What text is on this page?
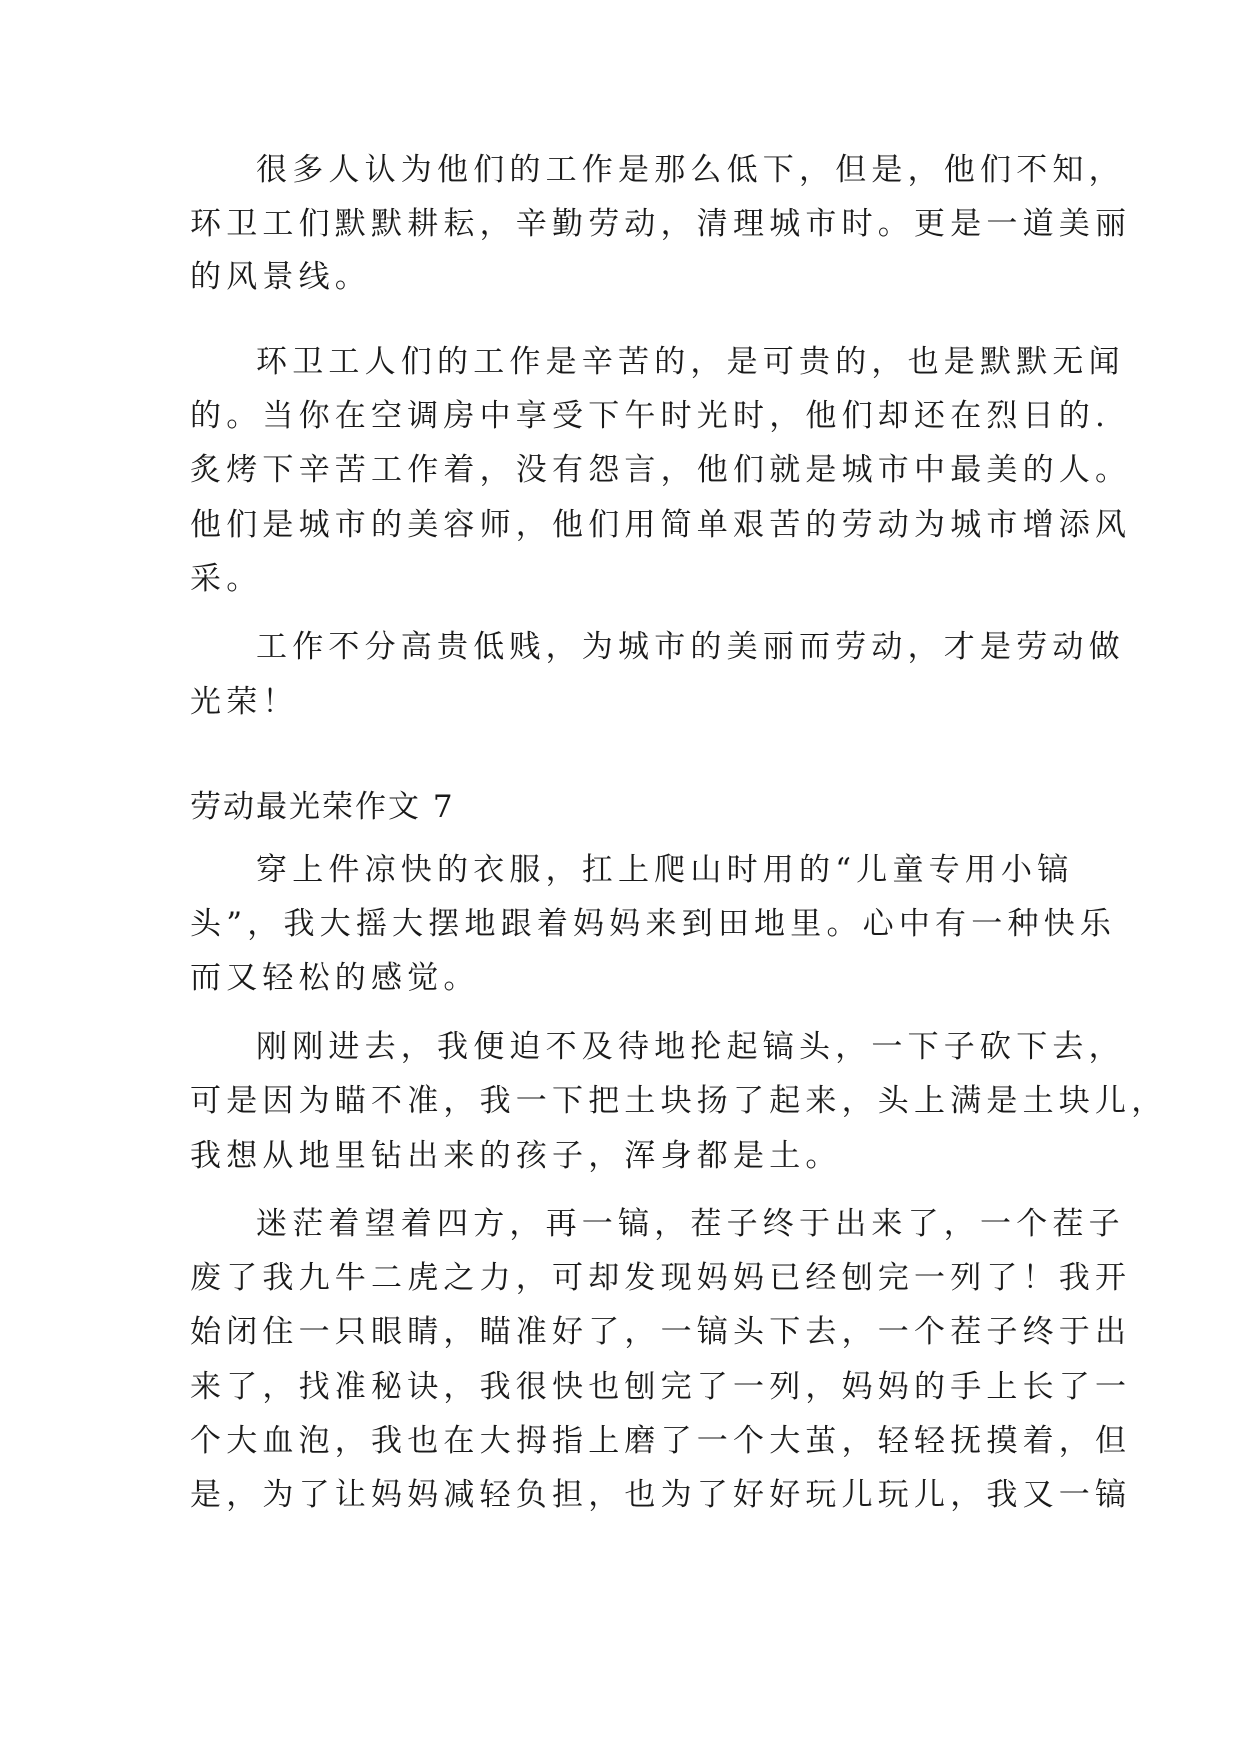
很多人认为他们的工作是那么低下，但是，他们不知，
环卫工们默默耕耘，辛勤劳动，清理城市时。更是一道美丽
的风景线。
环卫工人们的工作是辛苦的，是可贵的，也是默默无闻
的。当你在空调房中享受下午时光时，他们却还在烈日的.
炙烤下辛苦工作着，没有怨言，他们就是城市中最美的人。
他们是城市的美容师，他们用简单艰苦的劳动为城市增添风
采。
工作不分高贵低贱，为城市的美丽而劳动，才是劳动做
光荣！
劳动最光荣作文 7
穿上件凉快的衣服，扛上爬山时用的“儿童专用小镐
头”，我大摇大摆地跟着妈妈来到田地里。心中有一种快乐
而又轻松的感觉。
刚刚进去，我便迫不及待地抡起镐头，一下子砍下去，
可是因为瞄不准，我一下把土块扬了起来，头上满是土块儿，
我想从地里钻出来的孩子，浑身都是土。
迷茫着望着四方，再一镐，茬子终于出来了，一个茬子
废了我九牛二虎之力，可却发现妈妈已经刨完一列了！我开
始闭住一只眼睛，瞄准好了，一镐头下去，一个茬子终于出
来了，找准秘诀，我很快也刨完了一列，妈妈的手上长了一
个大血泡，我也在大拇指上磨了一个大茧，轻轻抚摸着，但
是，为了让妈妈减轻负担，也为了好好玩儿玩儿，我又一镐
